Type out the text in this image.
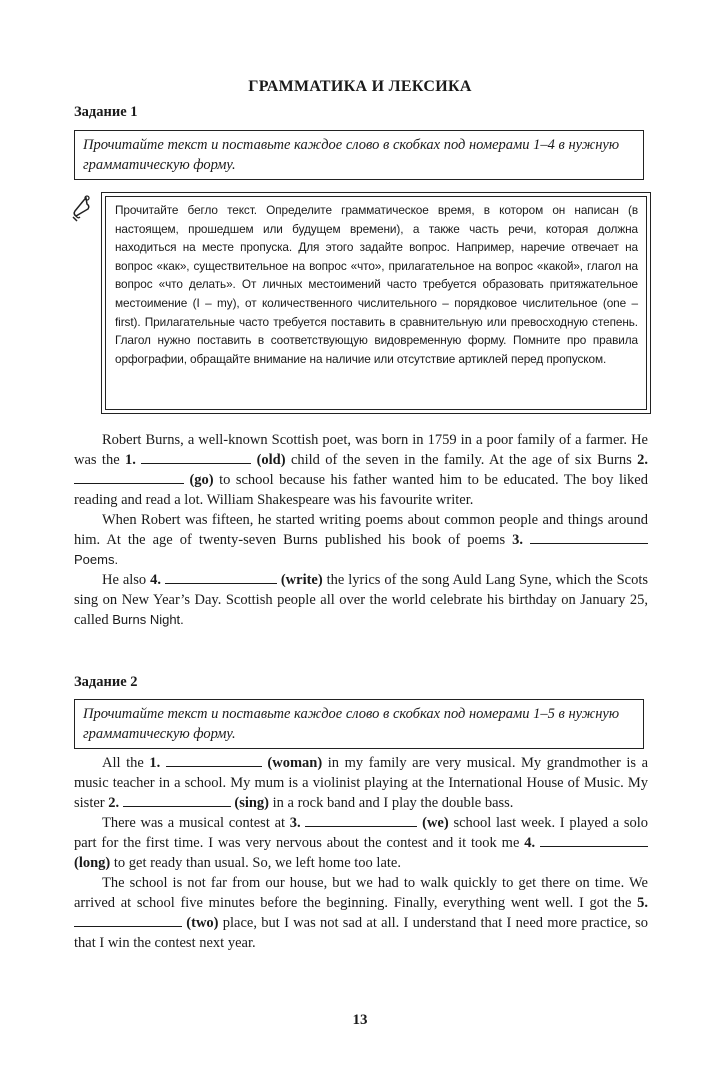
ГРАММАТИКА И ЛЕКСИКА
Задание 1
Прочитайте текст и поставьте каждое слово в скобках под номерами 1–4 в нужную грамматическую форму.
Прочитайте бегло текст. Определите грамматическое время, в котором он написан (в настоящем, прошедшем или будущем времени), а также часть речи, которая должна находиться на месте пропуска. Для этого задайте вопрос. Например, наречие отвечает на вопрос «как», существительное на вопрос «что», прилагательное на вопрос «какой», глагол на вопрос «что делать». От личных местоимений часто требуется образовать притяжательное местоимение (I – my), от количественного числительного – порядковое числительное (one – first). Прилагательные часто требуется поставить в сравнительную или превосходную степень. Глагол нужно поставить в соответствующую видовременную форму. Помните про правила орфографии, обращайте внимание на наличие или отсутствие артиклей перед пропуском.

Robert Burns, a well-known Scottish poet, was born in 1759 in a poor family of a farmer. He was the 1.	(old) child of the seven in the family. At the age of six Burns 2.  (go) to school because his father wanted him to be educated. The boy liked reading and read a lot. William Shakespeare was his favourite writer.

When Robert was fifteen, he started writing poems about common people and things around him. At the age of twenty-seven Burns published his book of poems 3.  Poems.

He also 4.	(write) the lyrics of the song Auld Lang Syne, which the Scots sing on New Year’s Day. Scottish people all over the world celebrate his birthday on January 25, called Burns Night.

Задание 2
Прочитайте текст и поставьте каждое слово в скобках под номерами 1–5 в нужную грамматическую форму.

All the 1.	(woman) in my family are very musical. My grandmother is a music teacher in a school. My mum is a violinist playing at the International House of Music. My sister 2.	(sing) in a rock band and I play the double bass.

There was a musical contest at 3.	(we) school last week. I played a solo part for the first time. I was very nervous about the contest and it took me 4.  (long) to get ready than usual. So, we left home too late.

The school is not far from our house, but we had to walk quickly to get there on time. We arrived at school five minutes before the beginning. Finally, everything went well. I got the 5.  (two) place, but I was not sad at all. I understand that I need more practice, so that I win the contest next year.

13
